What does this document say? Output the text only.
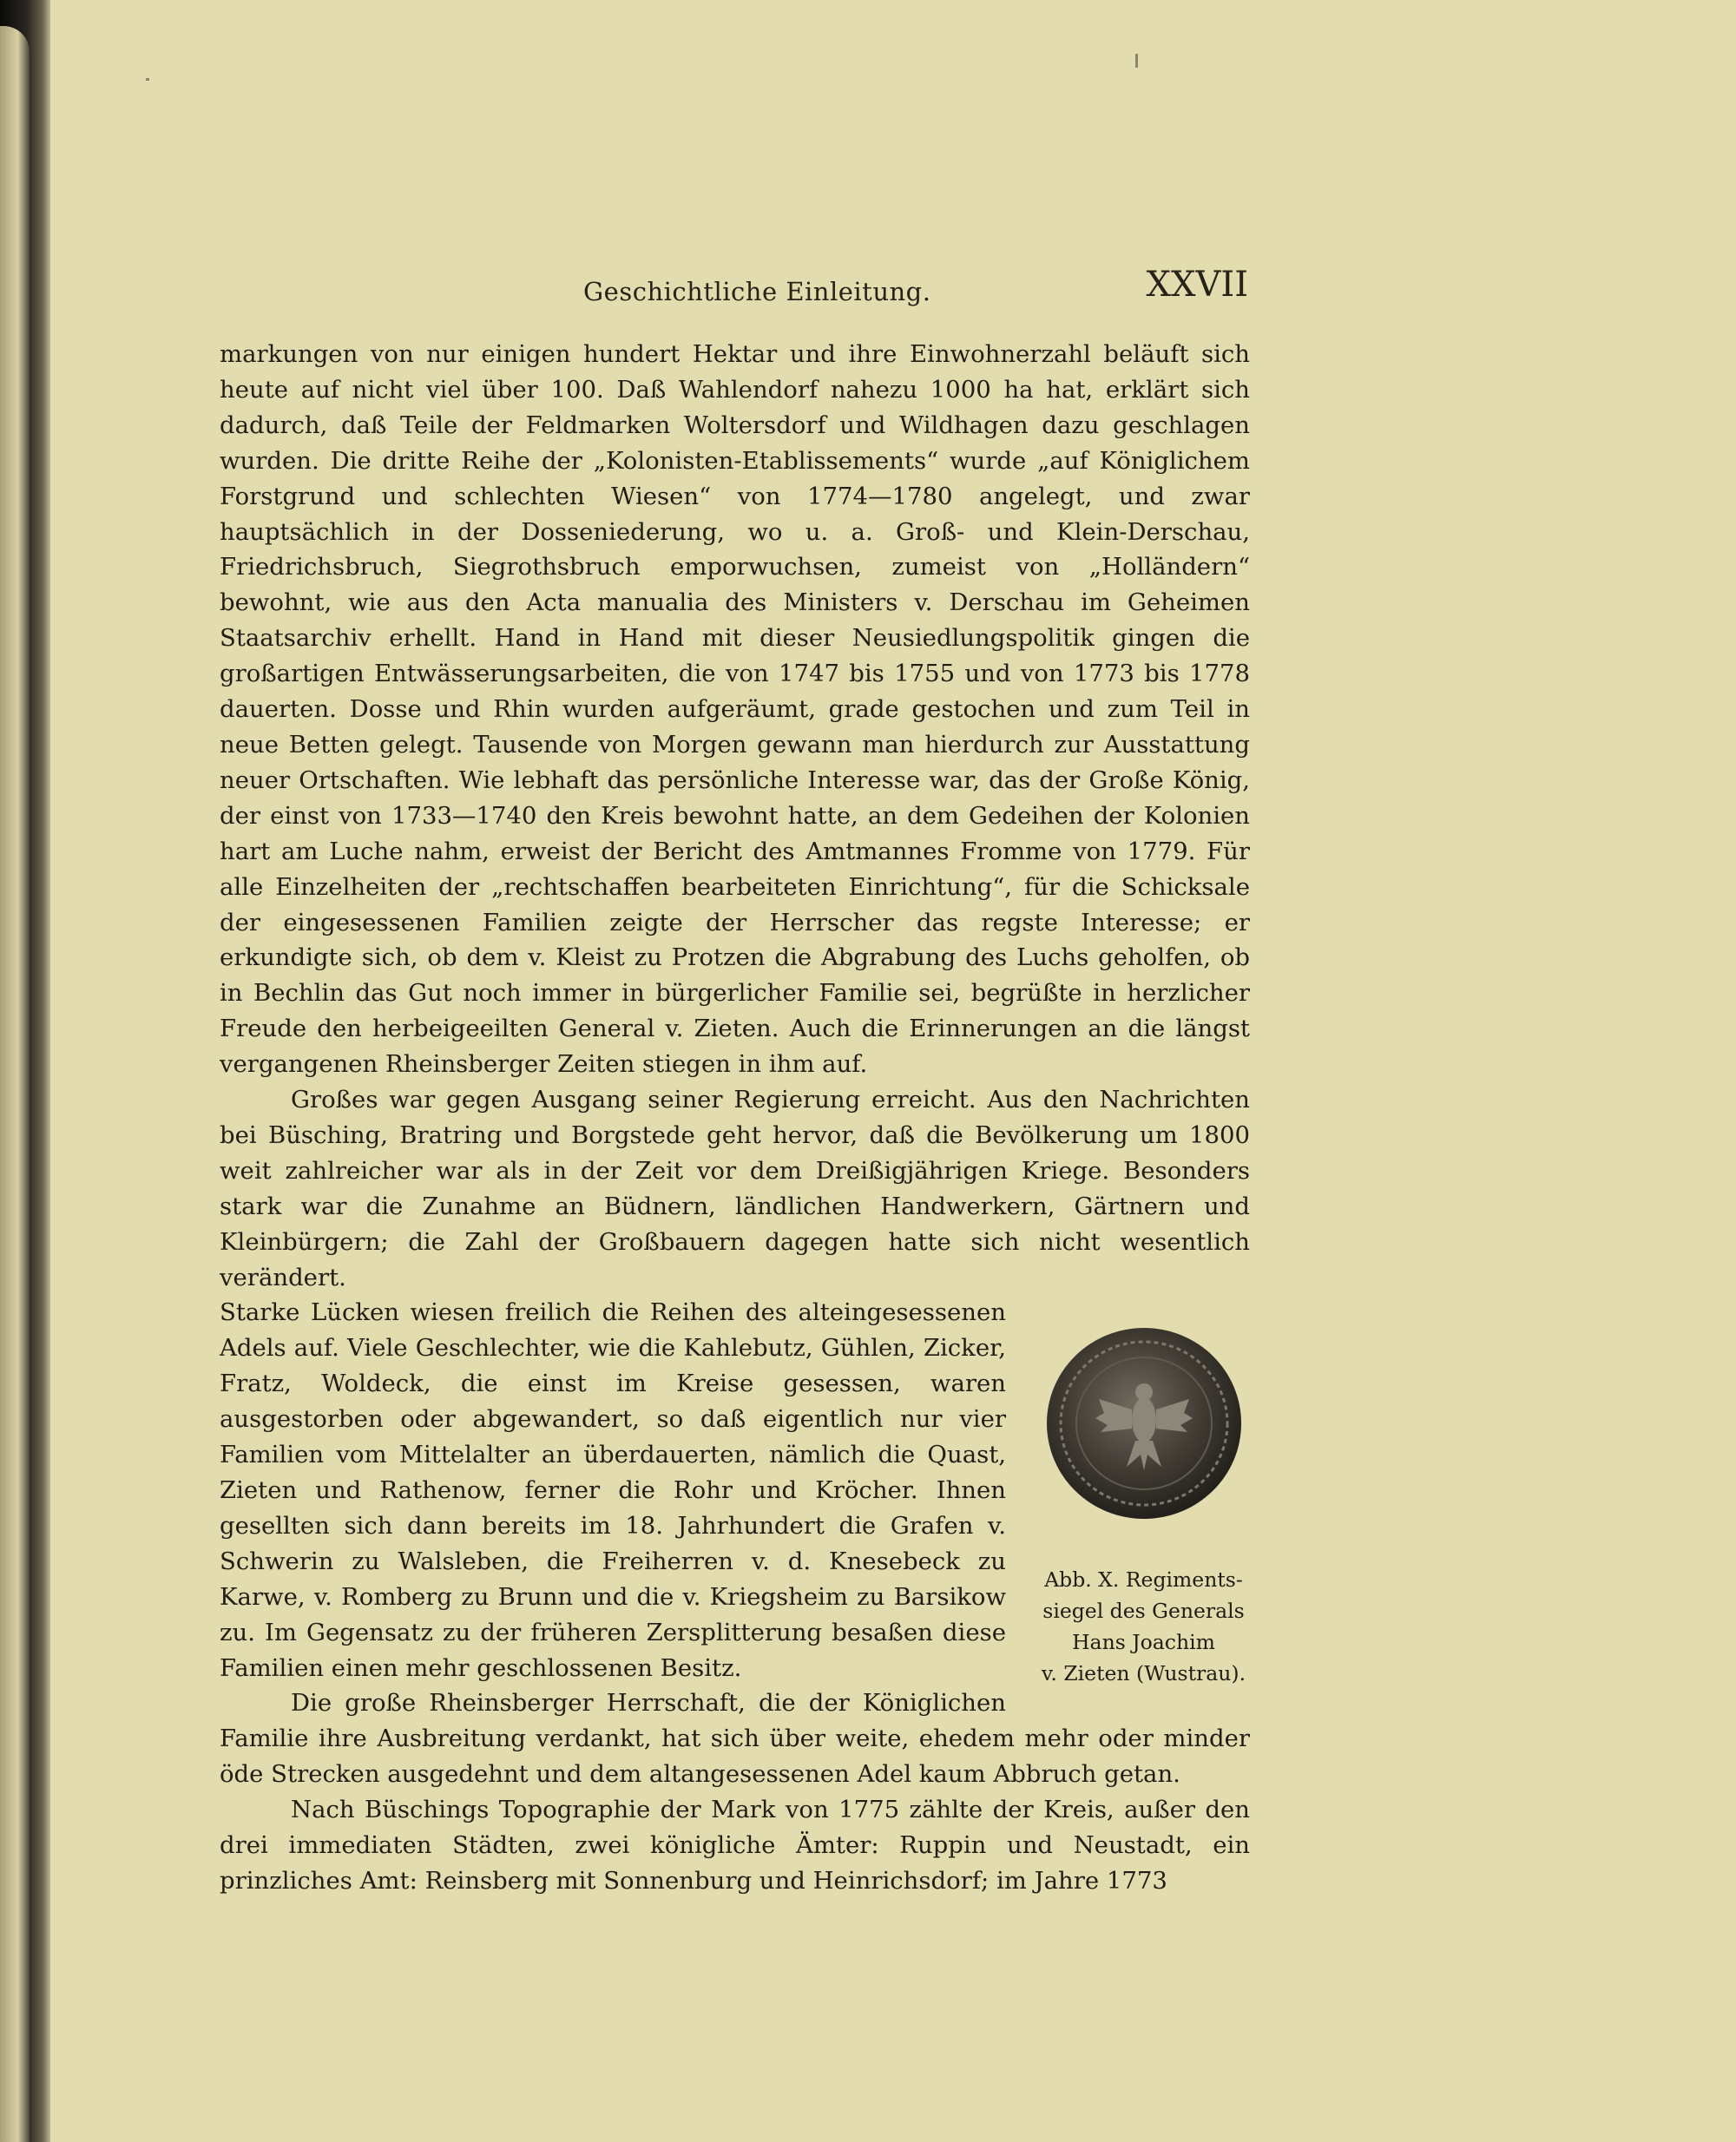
Geschichtliche Einleitung.	XXVII

markungen von nur einigen hundert Hektar und ihre Einwohnerzahl beläuft sich heute auf nicht viel über 100. Daß Wahlendorf nahezu 1000 ha hat, erklärt sich dadurch, daß Teile der Feldmarken Woltersdorf und Wildhagen dazu geschlagen wurden. Die dritte Reihe der „Kolonisten-Etablissements“ wurde „auf Königlichem Forstgrund und schlechten Wiesen“ von 1774—1780 angelegt, und zwar hauptsächlich in der Dosseniederung, wo u. a. Groß- und Klein-Derschau, Friedrichsbruch, Siegrothsbruch emporwuchsen, zumeist von „Holländern“ bewohnt, wie aus den Acta manualia des Ministers v. Derschau im Geheimen Staatsarchiv erhellt. Hand in Hand mit dieser Neusiedlungspolitik gingen die großartigen Entwässerungsarbeiten, die von 1747 bis 1755 und von 1773 bis 1778 dauerten. Dosse und Rhin wurden aufgeräumt, grade gestochen und zum Teil in neue Betten gelegt. Tausende von Morgen gewann man hierdurch zur Ausstattung neuer Ortschaften. Wie lebhaft das persönliche Interesse war, das der Große König, der einst von 1733—1740 den Kreis bewohnt hatte, an dem Gedeihen der Kolonien hart am Luche nahm, erweist der Bericht des Amtmannes Fromme von 1779. Für alle Einzelheiten der „rechtschaffen bearbeiteten Einrichtung“, für die Schicksale der eingesessenen Familien zeigte der Herrscher das regste Interesse; er erkundigte sich, ob dem v. Kleist zu Protzen die Abgrabung des Luchs geholfen, ob in Bechlin das Gut noch immer in bürgerlicher Familie sei, begrüßte in herzlicher Freude den herbeigeeilten General v. Zieten. Auch die Erinnerungen an die längst vergangenen Rheinsberger Zeiten stiegen in ihm auf.

Großes war gegen Ausgang seiner Regierung erreicht. Aus den Nachrichten bei Büsching, Bratring und Borgstede geht hervor, daß die Bevölkerung um 1800 weit zahlreicher war als in der Zeit vor dem Dreißigjährigen Kriege. Besonders stark war die Zunahme an Büdnern, ländlichen Handwerkern, Gärtnern und Kleinbürgern; die Zahl der Großbauern dagegen hatte sich nicht wesentlich verändert.

Abb. X. Regiments-
siegel des Generals
Hans Joachim
v. Zieten (Wustrau).

Starke Lücken wiesen freilich die Reihen des alteingesessenen Adels auf. Viele Geschlechter, wie die Kahlebutz, Gühlen, Zicker, Fratz, Woldeck, die einst im Kreise gesessen, waren ausgestorben oder abgewandert, so daß eigentlich nur vier Familien vom Mittelalter an überdauerten, nämlich die Quast, Zieten und Rathenow, ferner die Rohr und Kröcher. Ihnen gesellten sich dann bereits im 18. Jahrhundert die Grafen v. Schwerin zu Walsleben, die Freiherren v. d. Knesebeck zu Karwe, v. Romberg zu Brunn und die v. Kriegsheim zu Barsikow zu. Im Gegensatz zu der früheren Zersplitterung besaßen diese Familien einen mehr geschlossenen Besitz.

Die große Rheinsberger Herrschaft, die der Königlichen Familie ihre Ausbreitung verdankt, hat sich über weite, ehedem mehr oder minder öde Strecken ausgedehnt und dem altangesessenen Adel kaum Abbruch getan.

Nach Büschings Topographie der Mark von 1775 zählte der Kreis, außer den drei immediaten Städten, zwei königliche Ämter: Ruppin und Neustadt, ein prinzliches Amt: Reinsberg mit Sonnenburg und Heinrichsdorf; im Jahre 1773
